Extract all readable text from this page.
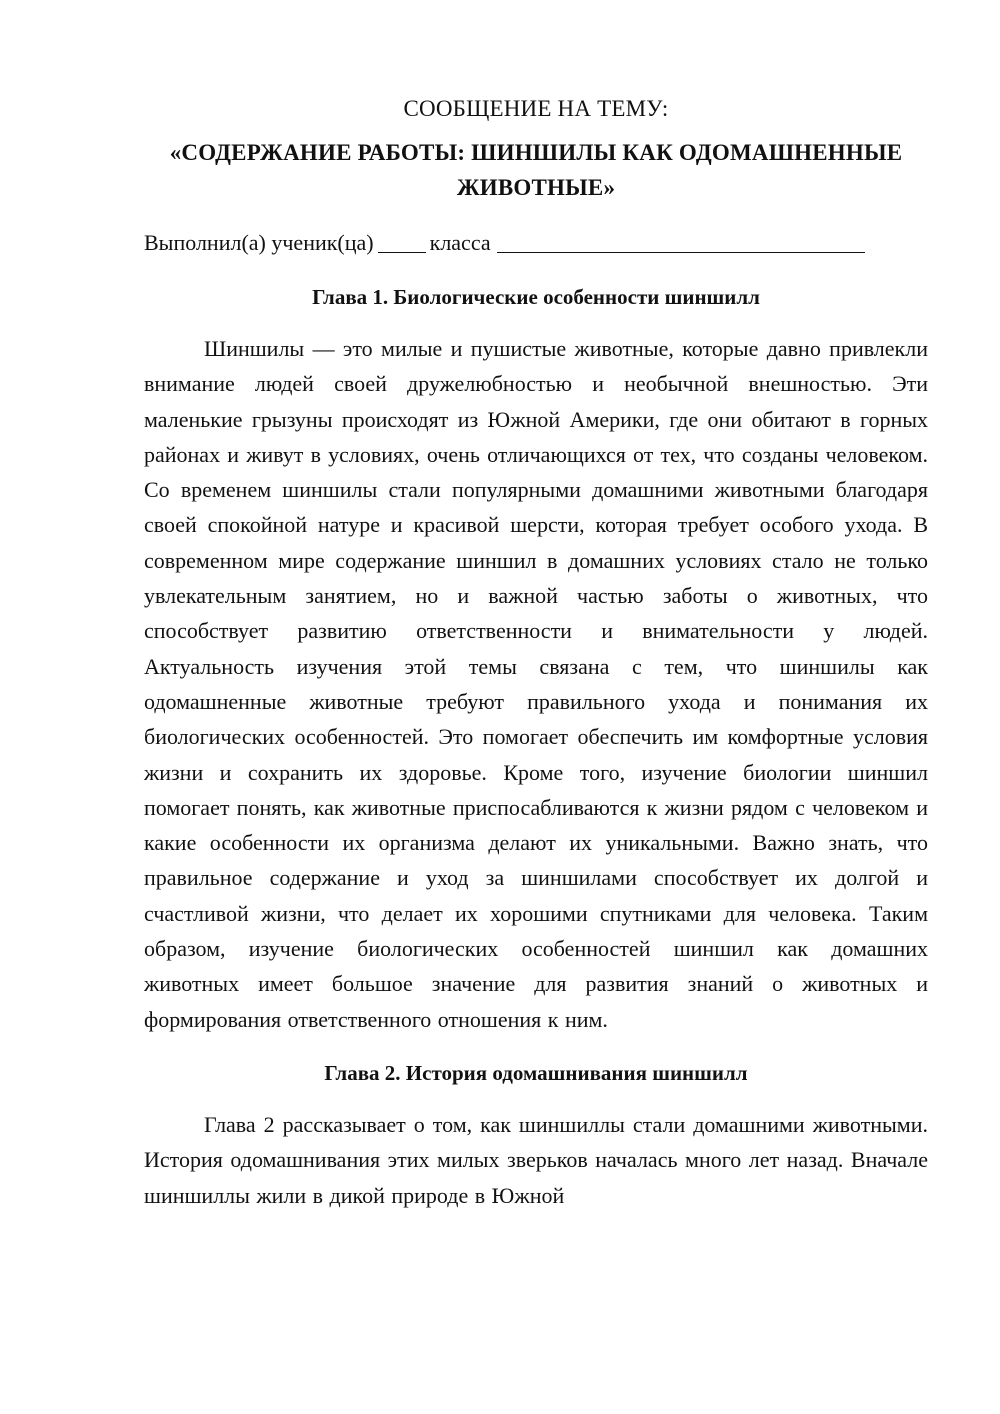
СООБЩЕНИЕ НА ТЕМУ:
«СОДЕРЖАНИЕ РАБОТЫ: ШИНШИЛЫ КАК ОДОМАШНЕННЫЕ ЖИВОТНЫЕ»

Выполнил(а) ученик(ца)	класса

Глава 1. Биологические особенности шиншилл

Шиншилы — это милые и пушистые животные, которые давно привлекли внимание людей своей дружелюбностью и необычной внешностью. Эти маленькие грызуны происходят из Южной Америки, где они обитают в горных районах и живут в условиях, очень отличающихся от тех, что созданы человеком. Со временем шиншилы стали популярными домашними животными благодаря своей спокойной натуре и красивой шерсти, которая требует особого ухода. В современном мире содержание шиншил в домашних условиях стало не только увлекательным занятием, но и важной частью заботы о животных, что способствует развитию ответственности и внимательности у людей. Актуальность изучения этой темы связана с тем, что шиншилы как одомашненные животные требуют правильного ухода и понимания их биологических особенностей. Это помогает обеспечить им комфортные условия жизни и сохранить их здоровье. Кроме того, изучение биологии шиншил помогает понять, как животные приспосабливаются к жизни рядом с человеком и какие особенности их организма делают их уникальными. Важно знать, что правильное содержание и уход за шиншилами способствует их долгой и счастливой жизни, что делает их хорошими спутниками для человека. Таким образом, изучение биологических особенностей шиншил как домашних животных имеет большое значение для развития знаний о животных и формирования ответственного отношения к ним.

Глава 2. История одомашнивания шиншилл

Глава 2 рассказывает о том, как шиншиллы стали домашними животными. История одомашнивания этих милых зверьков началась много лет назад. Вначале шиншиллы жили в дикой природе в Южной
